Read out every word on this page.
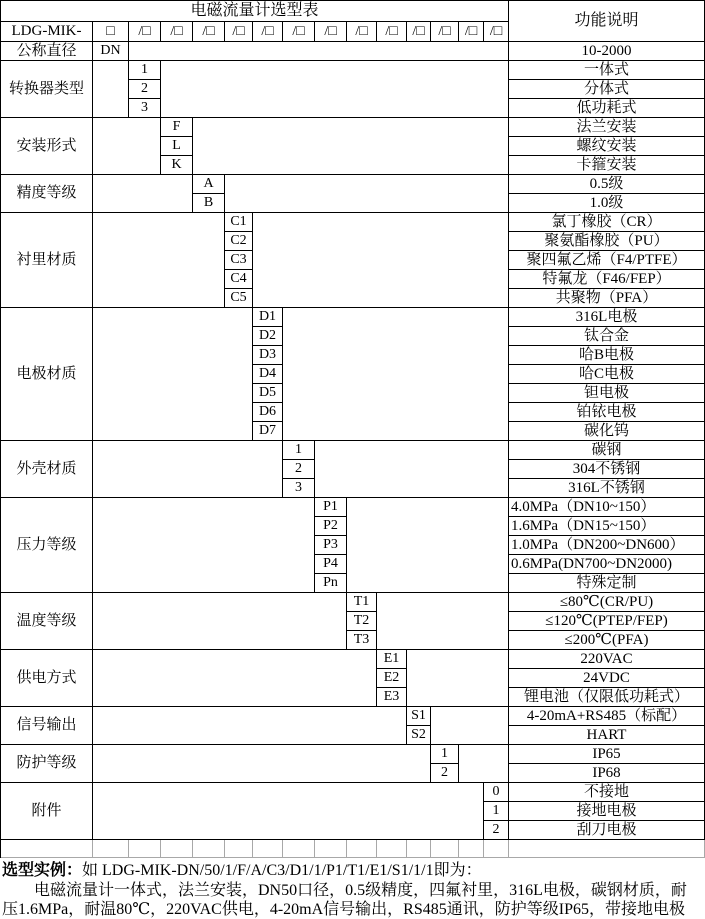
电磁流量计选型表
功能说明
LDG-MIK-	□	/□	/□	/□	/□	/□	/□	/□	/□	/□	/□ /□	/□ /□
公称直径	DN	10-2000
转换器类型
1	一体式
2	分体式
3	低功耗式
安装形式
F	法兰安装
L	螺纹安装
K	卡箍安装
精度等级
A	0.5级
B	1.0级
衬里材质
C1	氯丁橡胶（CR）
C2	聚氨酯橡胶（PU）
C3	聚四氟乙烯（F4/PTFE）
C4	特氟龙（F46/FEP）
C5	共聚物（PFA）
电极材质
D1	316L电极
D2	钛合金
D3	哈B电极
D4	哈C电极
D5	钽电极
D6	铂铱电极
D7	碳化钨
外壳材质
1	碳钢
2	304不锈钢
3	316L不锈钢
压力等级
P1	4.0MPa（DN10~150）
P2	1.6MPa（DN15~150）
P3	1.0MPa（DN200~DN600）
P4	0.6MPa(DN700~DN2000)
Pn	特殊定制
温度等级
T1	≤80℃(CR/PU)
T2	≤120℃(PTEP/FEP)
T3	≤200℃(PFA)
供电方式
E1	220VAC
E2	24VDC
E3	锂电池（仅限低功耗式）
信号输出
S1	4-20mA+RS485（标配）
S2	HART
防护等级
1	IP65
2	IP68
附件
0	不接地
1	接地电极
2	刮刀电极
选型实例：如 LDG-MIK-DN/50/1/F/A/C3/D1/1/P1/T1/E1/S1/1/1即为：

电磁流量计一体式，法兰安装，DN50口径，0.5级精度，四氟衬里，316L电极，碳钢材质，耐压1.6MPa，耐温80℃，220VAC供电，4-20mA信号输出，RS485通讯，防护等级IP65，带接地电极
